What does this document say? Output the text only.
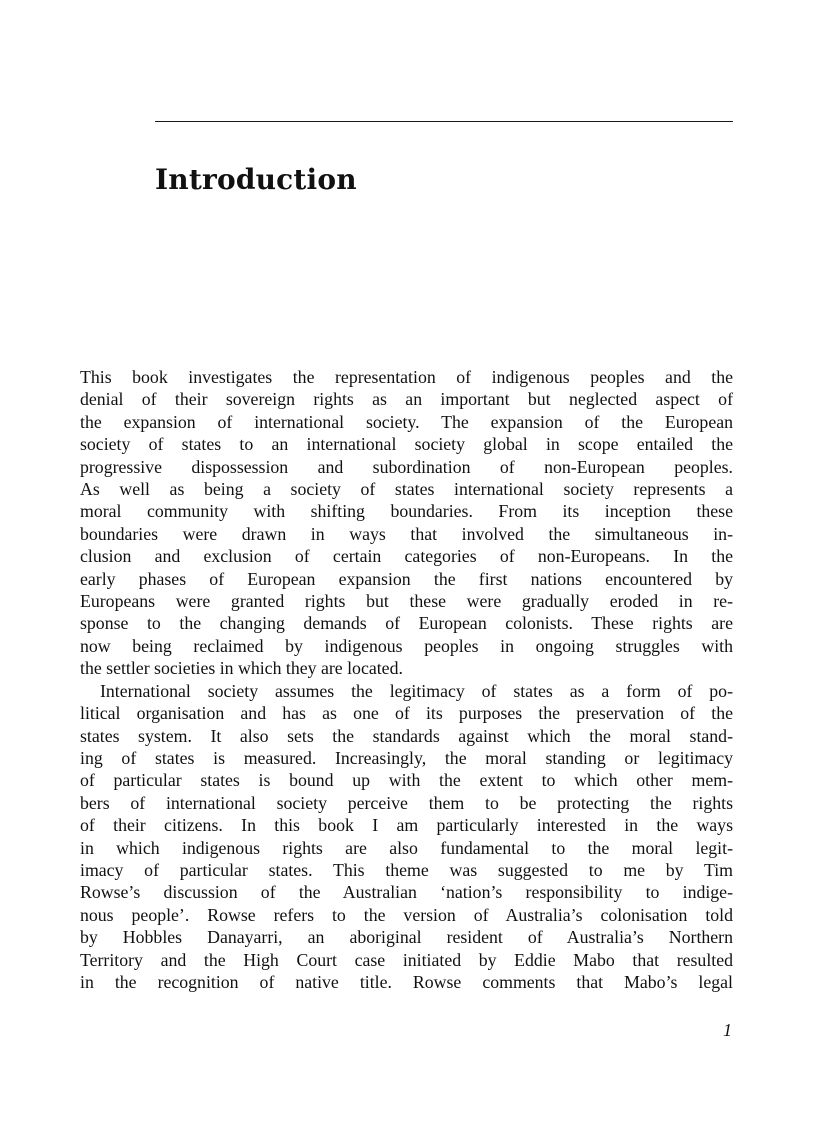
Introduction

This book investigates the representation of indigenous peoples and the
denial of their sovereign rights as an important but neglected aspect of
the expansion of international society. The expansion of the European
society of states to an international society global in scope entailed the
progressive dispossession and subordination of non-European peoples.
As well as being a society of states international society represents a
moral community with shifting boundaries. From its inception these
boundaries were drawn in ways that involved the simultaneous in-
clusion and exclusion of certain categories of non-Europeans. In the
early phases of European expansion the first nations encountered by
Europeans were granted rights but these were gradually eroded in re-
sponse to the changing demands of European colonists. These rights are
now being reclaimed by indigenous peoples in ongoing struggles with
the settler societies in which they are located.

International society assumes the legitimacy of states as a form of po-
litical organisation and has as one of its purposes the preservation of the
states system. It also sets the standards against which the moral stand-
ing of states is measured. Increasingly, the moral standing or legitimacy
of particular states is bound up with the extent to which other mem-
bers of international society perceive them to be protecting the rights
of their citizens. In this book I am particularly interested in the ways
in which indigenous rights are also fundamental to the moral legit-
imacy of particular states. This theme was suggested to me by Tim
Rowse’s discussion of the Australian ‘nation’s responsibility to indige-
nous people’. Rowse refers to the version of Australia’s colonisation told
by Hobbles Danayarri, an aboriginal resident of Australia’s Northern
Territory and the High Court case initiated by Eddie Mabo that resulted
in the recognition of native title. Rowse comments that Mabo’s legal

1
